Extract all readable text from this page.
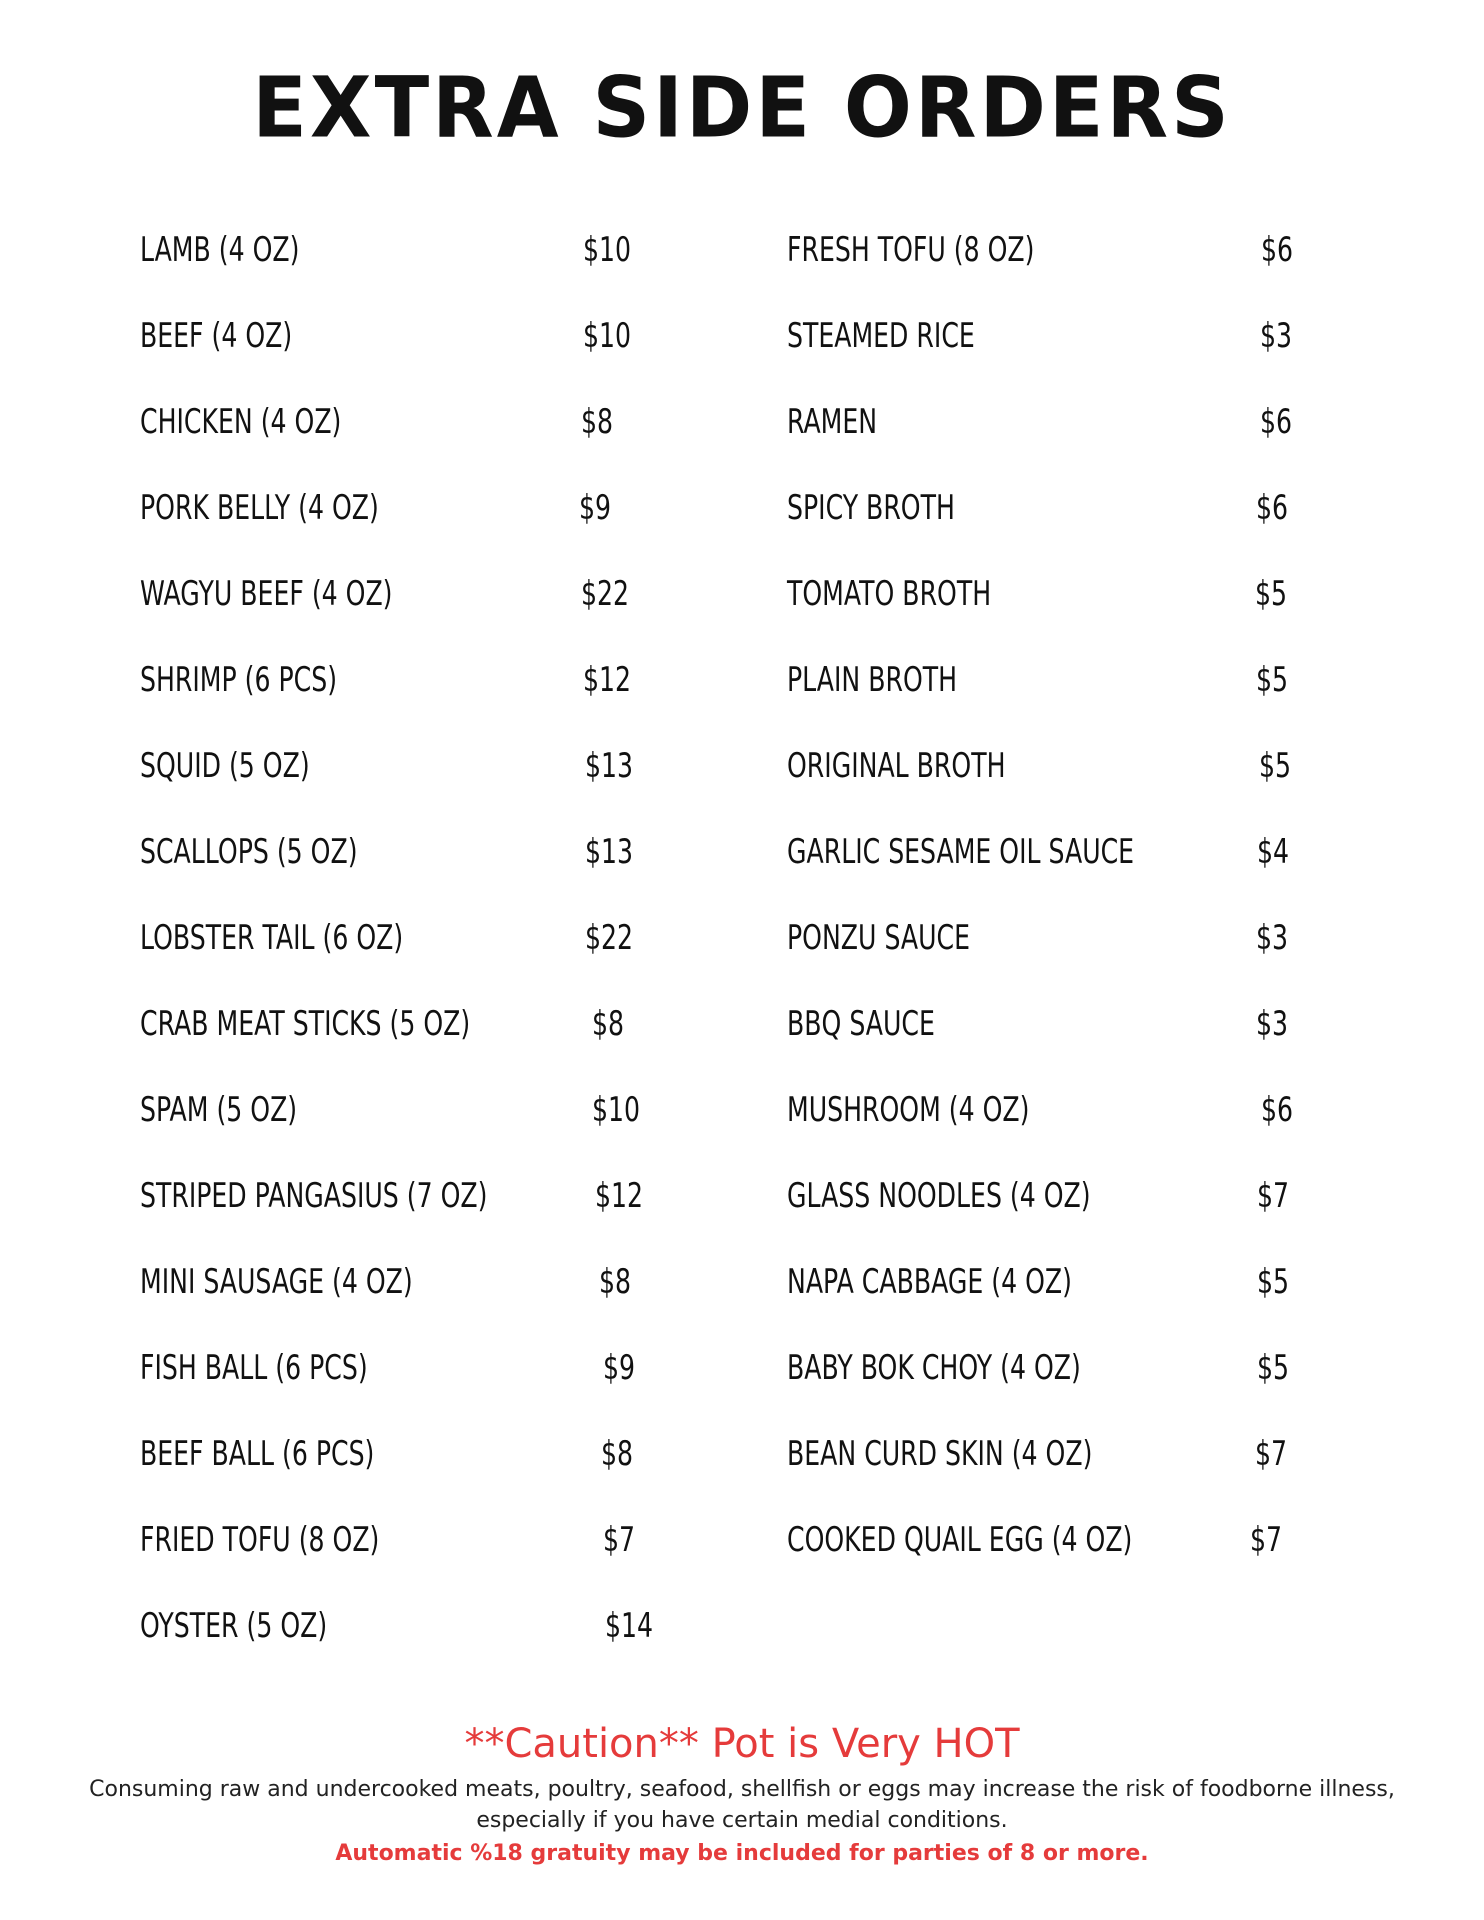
EXTRA SIDE ORDERS
LAMB (4 OZ)	$10
BEEF (4 OZ)	$10
CHICKEN (4 OZ)	$8
PORK BELLY (4 OZ)	$9
WAGYU BEEF (4 OZ)	$22
SHRIMP (6 PCS)	$12
SQUID (5 OZ)	$13
SCALLOPS (5 OZ)	$13
LOBSTER TAIL (6 OZ)	$22
CRAB MEAT STICKS (5 OZ)	$8
SPAM (5 OZ)	$10
STRIPED PANGASIUS (7 OZ)	$12
MINI SAUSAGE (4 OZ)	$8
FISH BALL (6 PCS)	$9
BEEF BALL (6 PCS)	$8
FRIED TOFU (8 OZ)	$7
OYSTER (5 OZ)	$14
FRESH TOFU (8 OZ)	$6
STEAMED RICE	$3
RAMEN	$6
SPICY BROTH	$6
TOMATO BROTH	$5
PLAIN BROTH	$5
ORIGINAL BROTH	$5
GARLIC SESAME OIL SAUCE	$4
PONZU SAUCE	$3
BBQ SAUCE	$3
MUSHROOM (4 OZ)	$6
GLASS NOODLES (4 OZ)	$7
NAPA CABBAGE (4 OZ)	$5
BABY BOK CHOY (4 OZ)	$5
BEAN CURD SKIN (4 OZ)	$7
COOKED QUAIL EGG (4 OZ)	$7
**Caution** Pot is Very HOT
Consuming raw and undercooked meats, poultry, seafood, shellfish or eggs may increase the risk of foodborne illness, especially if you have certain medial conditions.
Automatic %18 gratuity may be included for parties of 8 or more.
